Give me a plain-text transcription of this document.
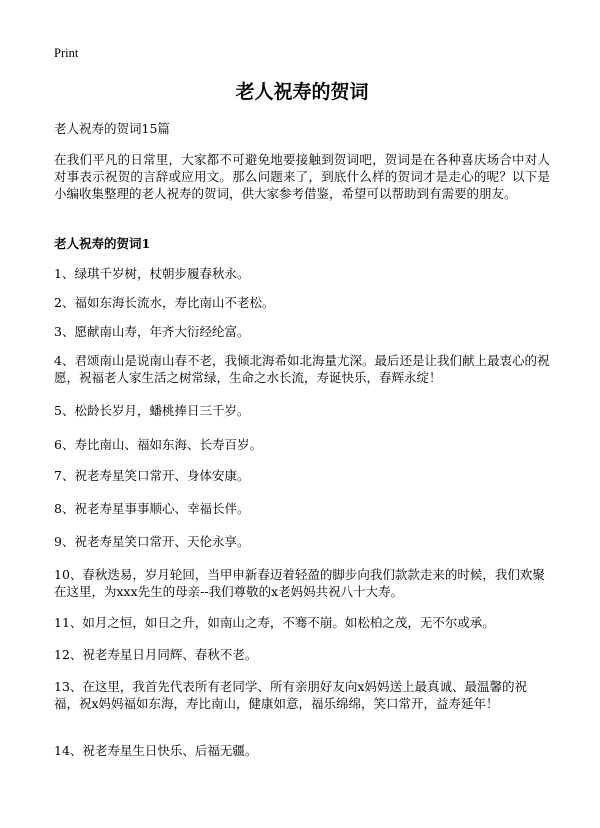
Print
老人祝寿的贺词

老人祝寿的贺词15篇

在我们平凡的日常里，大家都不可避免地要接触到贺词吧，贺词是在各种喜庆场合中对人对事表示祝贺的言辞或应用文。那么问题来了，到底什么样的贺词才是走心的呢？以下是小编收集整理的老人祝寿的贺词，供大家参考借鉴，希望可以帮助到有需要的朋友。

老人祝寿的贺词1

1、绿琪千岁树，杖朝步履春秋永。

2、福如东海长流水，寿比南山不老松。

3、愿献南山寿，年齐大衍经纶富。

4、君颂南山是说南山春不老，我倾北海希如北海量尤深。最后还是让我们献上最衷心的祝愿，祝福老人家生活之树常绿，生命之水长流，寿诞快乐，春辉永绽！

5、松龄长岁月，蟠桃捧日三千岁。

6、寿比南山、福如东海、长寿百岁。

7、祝老寿星笑口常开、身体安康。

8、祝老寿星事事顺心、幸福长伴。

9、祝老寿星笑口常开、天伦永享。

10、春秋迭易，岁月轮回，当甲申新春迈着轻盈的脚步向我们款款走来的时候，我们欢聚在这里，为xxx先生的母亲--我们尊敬的x老妈妈共祝八十大寿。

11、如月之恒，如日之升，如南山之寿，不骞不崩。如松柏之茂，无不尔或承。

12、祝老寿星日月同辉、春秋不老。

13、在这里，我首先代表所有老同学、所有亲朋好友向x妈妈送上最真诚、最温馨的祝福，祝x妈妈福如东海，寿比南山，健康如意，福乐绵绵，笑口常开，益寿延年！

14、祝老寿星生日快乐、后福无疆。
